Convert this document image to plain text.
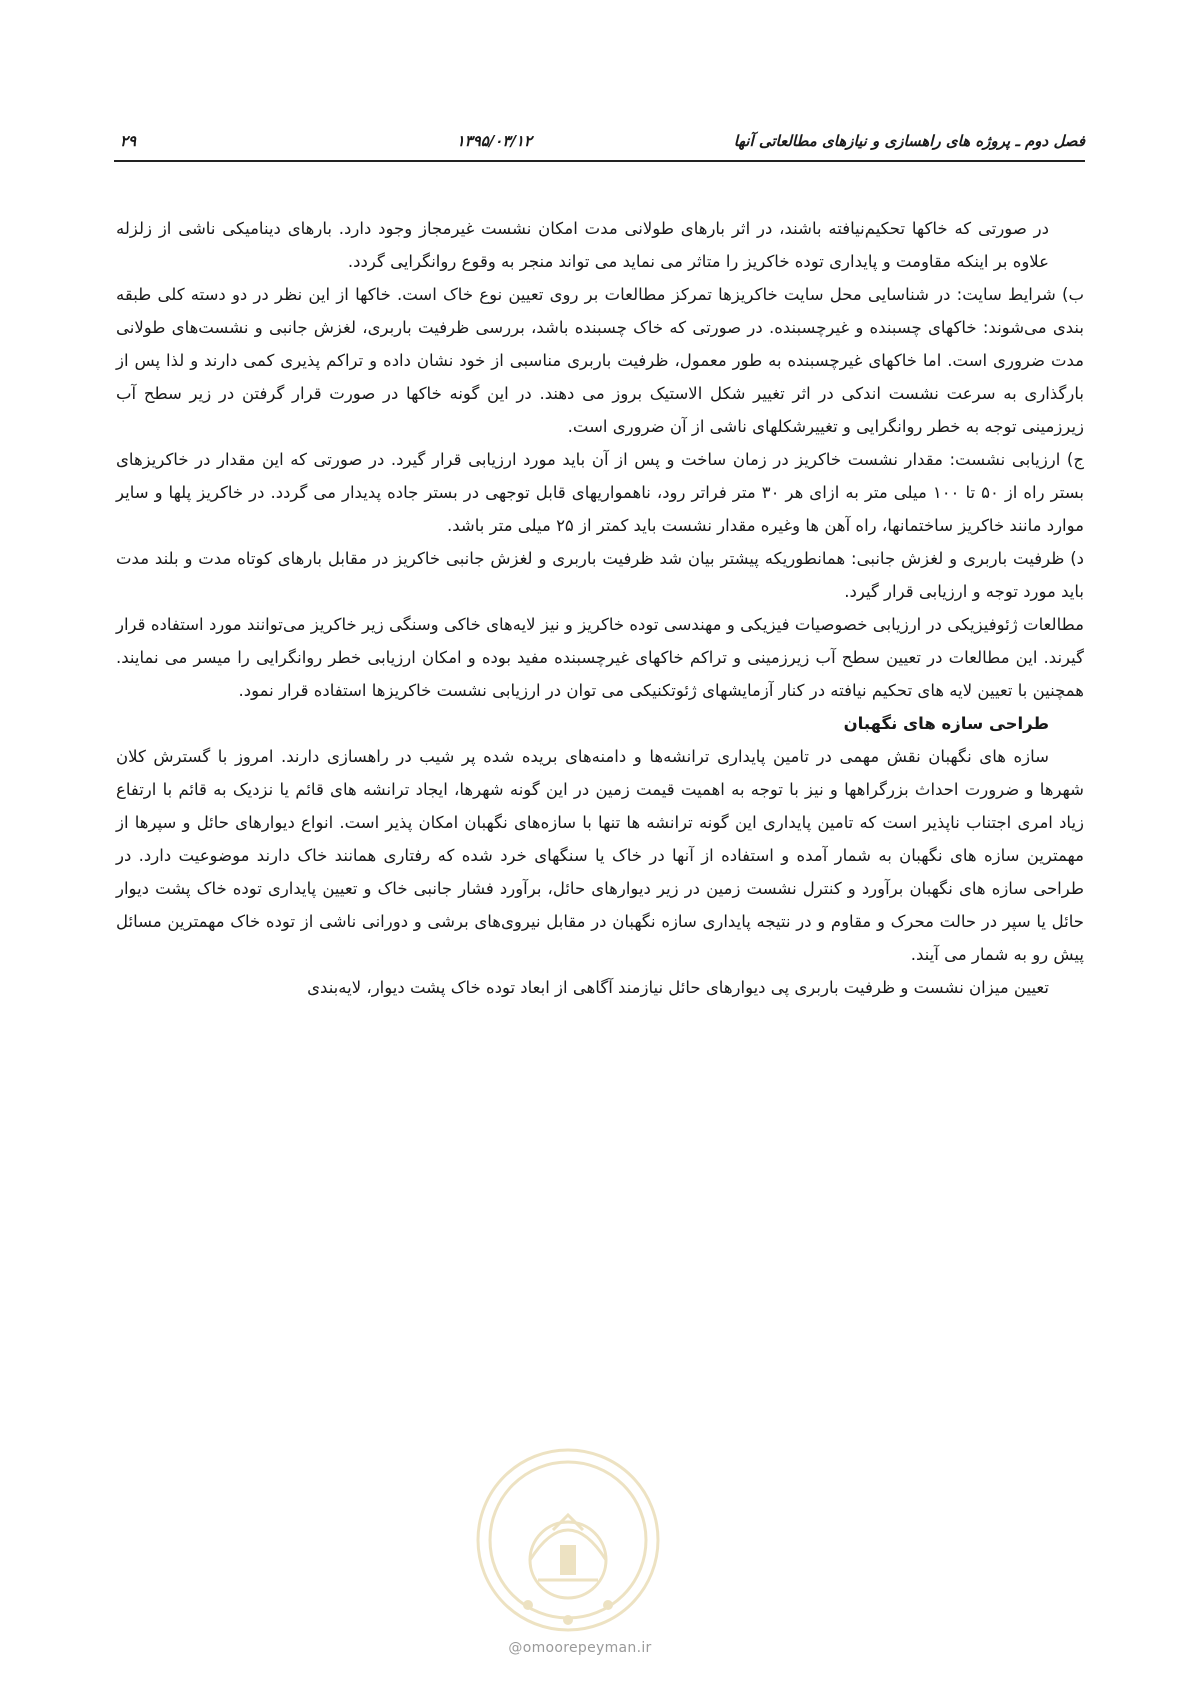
فصل دوم ـ پروژه های راهسازی و نیازهای مطالعاتی آنها
۱۳۹۵/۰۳/۱۲
۲۹

در صورتی که خاکها تحکیم‌نیافته باشند، در اثر بارهای طولانی مدت امکان نشست غیرمجاز وجود دارد. بارهای دینامیکی ناشی از زلزله علاوه بر اینکه مقاومت و پایداری توده خاکریز را متاثر می نماید می تواند منجر به وقوع روانگرایی گردد.

ب) شرایط سایت: در شناسایی محل سایت خاکریزها تمرکز مطالعات بر روی تعیین نوع خاک است. خاکها از این نظر در دو دسته کلی طبقه بندی می‌شوند: خاکهای چسبنده و غیرچسبنده. در صورتی که خاک چسبنده باشد، بررسی ظرفیت باربری، لغزش جانبی و نشست‌های طولانی مدت ضروری است. اما خاکهای غیرچسبنده به طور معمول، ظرفیت باربری مناسبی از خود نشان داده و تراکم پذیری کمی دارند و لذا پس از بارگذاری به سرعت نشست اندکی در اثر تغییر شکل الاستیک بروز می دهند. در این گونه خاکها در صورت قرار گرفتن در زیر سطح آب زیرزمینی توجه به خطر روانگرایی و تغییرشکلهای ناشی از آن ضروری است.

ج) ارزیابی نشست: مقدار نشست خاکریز در زمان ساخت و پس از آن باید مورد ارزیابی قرار گیرد. در صورتی که این مقدار در خاکریزهای بستر راه از ۵۰ تا ۱۰۰ میلی متر به ازای هر ۳۰ متر فراتر رود، ناهمواریهای قابل توجهی در بستر جاده پدیدار می گردد. در خاکریز پلها و سایر موارد مانند خاکریز ساختمانها، راه آهن ها وغیره مقدار نشست باید کمتر از ۲۵ میلی متر باشد.

د) ظرفیت باربری و لغزش جانبی: همانطوریکه پیشتر بیان شد ظرفیت باربری و لغزش جانبی خاکریز در مقابل بارهای کوتاه مدت و بلند مدت باید مورد توجه و ارزیابی قرار گیرد.

مطالعات ژئوفیزیکی در ارزیابی خصوصیات فیزیکی و مهندسی توده خاکریز و نیز لایه‌های خاکی وسنگی زیر خاکریز می‌توانند مورد استفاده قرار گیرند. این مطالعات در تعیین سطح آب زیرزمینی و تراکم خاکهای غیرچسبنده مفید بوده و امکان ارزیابی خطر روانگرایی را میسر می نمایند. همچنین با تعیین لایه های تحکیم نیافته در کنار آزمایشهای ژئوتکنیکی می توان در ارزیابی نشست خاکریزها استفاده قرار نمود.

طراحی سازه های نگهبان

سازه های نگهبان نقش مهمی در تامین پایداری ترانشه‌ها و دامنه‌های بریده شده پر شیب در راهسازی دارند. امروز با گسترش کلان شهرها و ضرورت احداث بزرگراهها و نیز با توجه به اهمیت قیمت زمین در این گونه شهرها، ایجاد ترانشه های قائم یا نزدیک به قائم با ارتفاع زیاد امری اجتناب ناپذیر است که تامین پایداری این گونه ترانشه ها تنها با سازه‌های نگهبان امکان پذیر است. انواع دیوارهای حائل و سپرها از مهمترین سازه های نگهبان به شمار آمده و استفاده از آنها در خاک یا سنگهای خرد شده که رفتاری همانند خاک دارند موضوعیت دارد. در طراحی سازه های نگهبان برآورد و کنترل نشست زمین در زیر دیوارهای حائل، برآورد فشار جانبی خاک و تعیین پایداری توده خاک پشت دیوار حائل یا سپر در حالت محرک و مقاوم و در نتیجه پایداری سازه نگهبان در مقابل نیروی‌های برشی و دورانی ناشی از توده خاک مهمترین مسائل پیش رو به شمار می آیند.

تعیین میزان نشست و ظرفیت باربری پی دیوارهای حائل نیازمند آگاهی از ابعاد توده خاک پشت دیوار، لایه‌بندی

@omoorepeyman.ir
